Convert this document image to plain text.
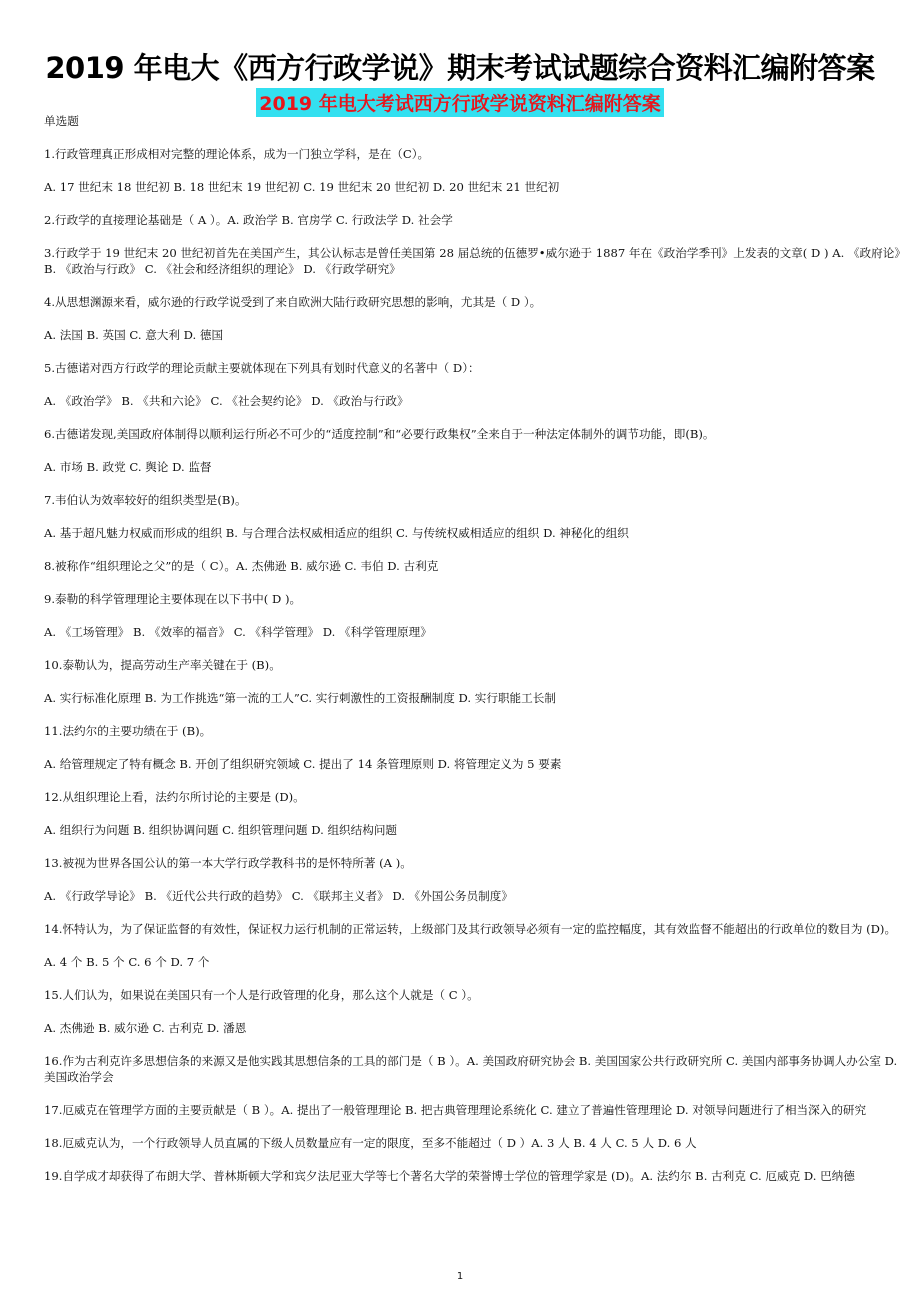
2019 年电大《西方行政学说》期末考试试题综合资料汇编附答案
2019 年电大考试西方行政学说资料汇编附答案
单选题
1.行政管理真正形成相对完整的理论体系，成为一门独立学科，是在（C）。
A. 17 世纪末 18 世纪初 B. 18 世纪末 19 世纪初 C. 19 世纪末 20 世纪初 D. 20 世纪末 21 世纪初
2.行政学的直接理论基础是（ A ）。A. 政治学 B. 官房学 C. 行政法学 D. 社会学
3.行政学于 19 世纪末 20 世纪初首先在美国产生，其公认标志是曾任美国第 28 届总统的伍德罗•威尔逊于 1887 年在《政治学季刊》上发表的文章( D ) A. 《政府论》B. 《政治与行政》 C. 《社会和经济组织的理论》 D. 《行政学研究》
4.从思想渊源来看，威尔逊的行政学说受到了来自欧洲大陆行政研究思想的影响，尤其是（ D ）。
A. 法国 B. 英国 C. 意大利 D. 德国
5.古德诺对西方行政学的理论贡献主要就体现在下列具有划时代意义的名著中（ D）：
A. 《政治学》 B. 《共和六论》 C. 《社会契约论》 D. 《政治与行政》
6.古德诺发现,美国政府体制得以顺利运行所必不可少的“适度控制”和“必要行政集权”全来自于一种法定体制外的调节功能，即(B)。
A. 市场 B. 政党 C. 舆论 D. 监督
7.韦伯认为效率较好的组织类型是(B)。
A. 基于超凡魅力权威而形成的组织 B. 与合理合法权威相适应的组织 C. 与传统权威相适应的组织 D. 神秘化的组织
8.被称作“组织理论之父”的是（ C）。A. 杰佛逊 B. 威尔逊 C. 韦伯 D. 古利克
9.泰勒的科学管理理论主要体现在以下书中( D )。
A. 《工场管理》 B. 《效率的福音》 C. 《科学管理》 D. 《科学管理原理》
10.泰勒认为，提高劳动生产率关键在于 (B)。
A. 实行标准化原理 B. 为工作挑选“第一流的工人”C. 实行刺激性的工资报酬制度 D. 实行职能工长制
11.法约尔的主要功绩在于 (B)。
A. 给管理规定了特有概念 B. 开创了组织研究领域 C. 提出了 14 条管理原则 D. 将管理定义为 5 要素
12.从组织理论上看，法约尔所讨论的主要是 (D)。
A. 组织行为问题 B. 组织协调问题 C. 组织管理问题 D. 组织结构问题
13.被视为世界各国公认的第一本大学行政学教科书的是怀特所著 (A )。
A. 《行政学导论》 B. 《近代公共行政的趋势》 C. 《联邦主义者》 D. 《外国公务员制度》
14.怀特认为，为了保证监督的有效性，保证权力运行机制的正常运转，上级部门及其行政领导必须有一定的监控幅度，其有效监督不能超出的行政单位的数目为 (D)。
A. 4 个 B. 5 个 C. 6 个 D. 7 个
15.人们认为，如果说在美国只有一个人是行政管理的化身，那么这个人就是（ C ）。
A. 杰佛逊 B. 威尔逊 C. 古利克 D. 潘恩
16.作为古利克许多思想信条的来源又是他实践其思想信条的工具的部门是（ B ）。A. 美国政府研究协会 B. 美国国家公共行政研究所 C. 美国内部事务协调人办公室 D. 美国政治学会
17.厄威克在管理学方面的主要贡献是（ B ）。A. 提出了一般管理理论 B. 把古典管理理论系统化 C. 建立了普遍性管理理论 D. 对领导问题进行了相当深入的研究
18.厄威克认为，一个行政领导人员直属的下级人员数量应有一定的限度，至多不能超过（ D ）A. 3 人 B. 4 人 C. 5 人 D. 6 人
19.自学成才却获得了布朗大学、普林斯顿大学和宾夕法尼亚大学等七个著名大学的荣誉博士学位的管理学家是 (D)。A. 法约尔 B. 古利克 C. 厄威克 D. 巴纳德
1
